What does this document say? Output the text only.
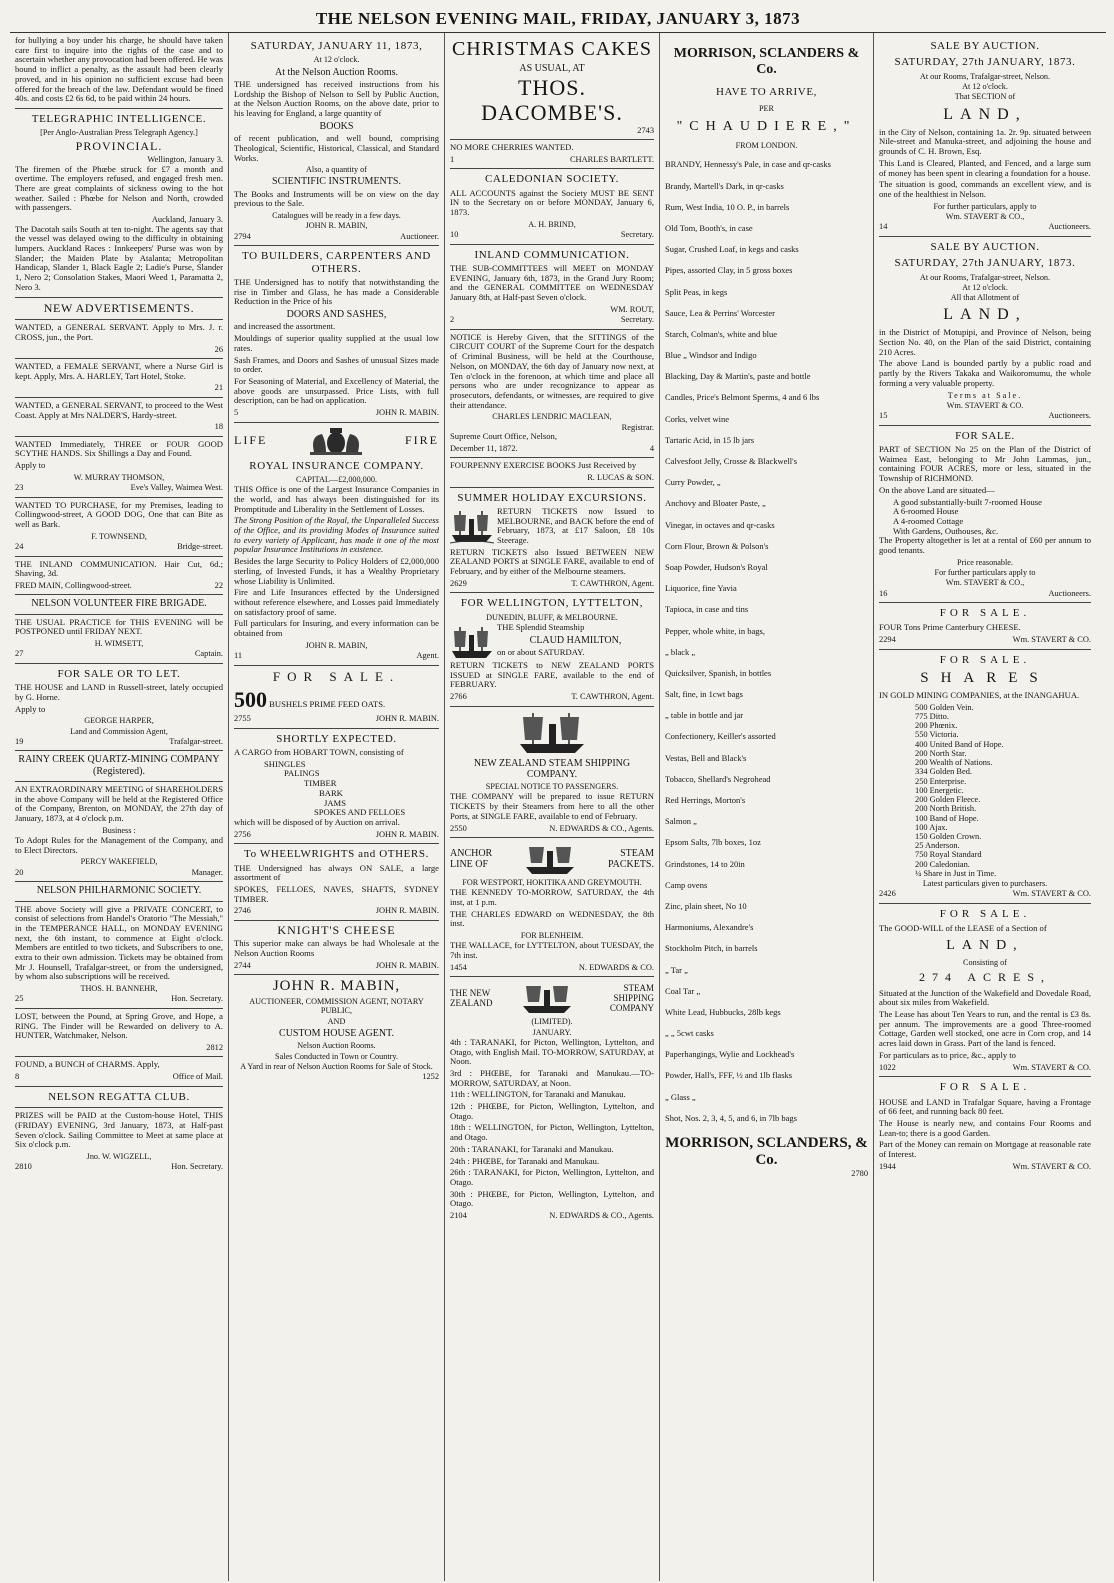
THE NELSON EVENING MAIL, FRIDAY, JANUARY 3, 1873

for bullying a boy under his charge, he should have taken care first to inquire into the rights of the case and to ascertain whether any provocation had been offered. He was bound to inflict a penalty, as the assault had been clearly proved, and in his opinion no sufficient excuse had been offered for the breach of the law. Defendant would be fined 40s. and costs £2 6s 6d, to be paid within 24 hours.

TELEGRAPHIC INTELLIGENCE.
[Per Anglo-Australian Press Telegraph Agency.]
PROVINCIAL.
Wellington, January 3.

The firemen of the Phœbe struck for £7 a month and overtime. The employers refused, and engaged fresh men. There are great complaints of sickness owing to the hot weather. Sailed : Phœbe for Nelson and North, crowded with passengers.

Auckland, January 3.

The Dacotah sails South at ten to-night. The agents say that the vessel was delayed owing to the difficulty in obtaining lumpers. Auckland Races : Innkeepers' Purse was won by Slander; the Maiden Plate by Atalanta; Metropolitan Handicap, Slander 1, Black Eagle 2; Ladie's Purse, Slander 1, Nero 2; Consolation Stakes, Maori Weed 1, Paramatta 2, Nero 3.

NEW ADVERTISEMENTS.

WANTED, a GENERAL SERVANT. Apply to Mrs. J. r. CROSS, jun., the Port.

26

WANTED, a FEMALE SERVANT, where a Nurse Girl is kept. Apply, Mrs. A. HARLEY, Tart Hotel, Stoke.

21

WANTED, a GENERAL SERVANT, to proceed to the West Coast. Apply at Mrs NALDER'S, Hardy-street.

18

WANTED Immediately, THREE or FOUR GOOD SCYTHE HANDS. Six Shillings a Day and Found.

Apply to

W. MURRAY THOMSON,
23	Eve's Valley, Waimea West.

WANTED TO PURCHASE, for my Premises, leading to Collingwood-street, A GOOD DOG, One that can Bite as well as Bark.

F. TOWNSEND,
24	Bridge-street.

THE INLAND COMMUNICATION. Hair Cut, 6d.; Shaving, 3d.

FRED MAIN, Collingwood-street.	22
NELSON VOLUNTEER FIRE BRIGADE.

THE USUAL PRACTICE for THIS EVENING will be POSTPONED until FRIDAY NEXT.

H. WIMSETT,
27	Captain.
FOR SALE OR TO LET.

THE HOUSE and LAND in Russell-street, lately occupied by G. Horne.

Apply to

GEORGE HARPER,
Land and Commission Agent,
19	Trafalgar-street.
RAINY CREEK QUARTZ-MINING COMPANY (Registered).

AN EXTRAORDINARY MEETING of SHAREHOLDERS in the above Company will be held at the Registered Office of the Company, Brenton, on MONDAY, the 27th day of January, 1873, at 4 o'clock p.m.

Business :

To Adopt Rules for the Management of the Company, and to Elect Directors.

PERCY WAKEFIELD,
20	Manager.
NELSON PHILHARMONIC SOCIETY.

THE above Society will give a PRIVATE CONCERT, to consist of selections from Handel's Oratorio "The Messiah," in the TEMPERANCE HALL, on MONDAY EVENING next, the 6th instant, to commence at Eight o'clock. Members are entitled to two tickets, and Subscribers to one, extra to their own admission. Tickets may be obtained from Mr J. Hounsell, Trafalgar-street, or from the undersigned, by whom also subscriptions will be received.

THOS. H. BANNEHR,
25	Hon. Secretary.

LOST, between the Pound, at Spring Grove, and Hope, a RING. The Finder will be Rewarded on delivery to A. HUNTER, Watchmaker, Nelson.

2812

FOUND, a BUNCH of CHARMS. Apply,

8	Office of Mail.
NELSON REGATTA CLUB.

PRIZES will be PAID at the Custom-house Hotel, THIS (FRIDAY) EVENING, 3rd January, 1873, at Half-past Seven o'clock. Sailing Committee to Meet at same place at Six o'clock p.m.

Jno. W. WIGZELL,
2810	Hon. Secretary.
SATURDAY, JANUARY 11, 1873,
At 12 o'clock.
At the Nelson Auction Rooms.

THE undersigned has received instructions from his Lordship the Bishop of Nelson to Sell by Public Auction, at the Nelson Auction Rooms, on the above date, prior to his leaving for England, a large quantity of

BOOKS

of recent publication, and well bound, comprising Theological, Scientific, Historical, Classical, and Standard Works.

Also, a quantity of
SCIENTIFIC INSTRUMENTS.

The Books and Instruments will be on view on the day previous to the Sale.

Catalogues will be ready in a few days.
JOHN R. MABIN,
2794	Auctioneer.
TO BUILDERS, CARPENTERS AND OTHERS.

THE Undersigned has to notify that notwithstanding the rise in Timber and Glass, he has made a Considerable Reduction in the Price of his

DOORS AND SASHES,

and increased the assortment.

Mouldings of superior quality supplied at the usual low rates.

Sash Frames, and Doors and Sashes of unusual Sizes made to order.

For Seasoning of Material, and Excellency of Material, the above goods are unsurpassed. Price Lists, with full description, can be had on application.

5	JOHN R. MABIN.
LIFE	FIRE
ROYAL INSURANCE COMPANY.
CAPITAL—£2,000,000.

THIS Office is one of the Largest Insurance Companies in the world, and has always been distinguished for its Promptitude and Liberality in the Settlement of Losses.

The Strong Position of the Royal, the Unparalleled Success of the Office, and its providing Modes of Insurance suited to every variety of Applicant, has made it one of the most popular Insurance Institutions in existence.

Besides the large Security to Policy Holders of £2,000,000 sterling, of Invested Funds, it has a Wealthy Proprietary whose Liability is Unlimited.

Fire and Life Insurances effected by the Undersigned without reference elsewhere, and Losses paid Immediately on satisfactory proof of same.

Full particulars for Insuring, and every information can be obtained from

JOHN R. MABIN,
11	Agent.
FOR SALE.

500 BUSHELS PRIME FEED OATS.

2755	JOHN R. MABIN.
SHORTLY EXPECTED.

A CARGO from HOBART TOWN, consisting of

SHINGLES
PALINGS
TIMBER
BARK
JAMS
SPOKES AND FELLOES

which will be disposed of by Auction on arrival.

2756	JOHN R. MABIN.
To WHEELWRIGHTS and OTHERS.

THE Undersigned has always ON SALE, a large assortment of

SPOKES, FELLOES, NAVES, SHAFTS, SYDNEY TIMBER.

2746	JOHN R. MABIN.
KNIGHT'S CHEESE

This superior make can always be had Wholesale at the Nelson Auction Rooms

2744	JOHN R. MABIN.
JOHN R. MABIN,
AUCTIONEER, COMMISSION AGENT, NOTARY PUBLIC,
AND
CUSTOM HOUSE AGENT.
Nelson Auction Rooms.
Sales Conducted in Town or Country.
A Yard in rear of Nelson Auction Rooms for Sale of Stock.
1252
CHRISTMAS CAKES
AS USUAL, AT
THOS. DACOMBE'S.
2743

NO MORE CHERRIES WANTED.

1	CHARLES BARTLETT.
CALEDONIAN SOCIETY.

ALL ACCOUNTS against the Society MUST BE SENT IN to the Secretary on or before MONDAY, January 6, 1873.

A. H. BRIND,
10	Secretary.
INLAND COMMUNICATION.

THE SUB-COMMITTEES will MEET on MONDAY EVENING, January 6th, 1873, in the Grand Jury Room; and the GENERAL COMMITTEE on WEDNESDAY January 8th, at Half-past Seven o'clock.

WM. ROUT,
2	Secretary.

NOTICE is Hereby Given, that the SITTINGS of the CIRCUIT COURT of the Supreme Court for the despatch of Criminal Business, will be held at the Courthouse, Nelson, on MONDAY, the 6th day of January now next, at Ten o'clock in the forenoon, at which time and place all persons who are under recognizance to appear as prosecutors, defendants, or witnesses, are required to give their attendance.

CHARLES LENDRIC MACLEAN,
Registrar.

Supreme Court Office, Nelson,

December 11, 1872.	4

FOURPENNY EXERCISE BOOKS Just Received by

R. LUCAS & SON.
SUMMER HOLIDAY EXCURSIONS.

RETURN TICKETS now Issued to MELBOURNE, and BACK before the end of February, 1873, at £17 Saloon, £8 10s Steerage.

RETURN TICKETS also Issued BETWEEN NEW ZEALAND PORTS at SINGLE FARE, available to end of February, and by either of the Melbourne steamers.

2629	T. CAWTHRON, Agent.
FOR WELLINGTON, LYTTELTON,
DUNEDIN, BLUFF, & MELBOURNE.

THE Splendid Steamship

CLAUD HAMILTON,

on or about SATURDAY.

RETURN TICKETS to NEW ZEALAND PORTS ISSUED at SINGLE FARE, available to the end of FEBRUARY.

2766	T. CAWTHRON, Agent.
NEW ZEALAND STEAM SHIPPING COMPANY.
SPECIAL NOTICE TO PASSENGERS.

THE COMPANY will be prepared to issue RETURN TICKETS by their Steamers from here to all the other Ports, at SINGLE FARE, available to end of February.

2550	N. EDWARDS & CO., Agents.
ANCHOR
LINE OF
STEAM
PACKETS.
FOR WESTPORT, HOKITIKA AND GREYMOUTH.

THE KENNEDY TO-MORROW, SATURDAY, the 4th inst, at 1 p.m.

THE CHARLES EDWARD on WEDNESDAY, the 8th inst.

FOR BLENHEIM.

THE WALLACE, for LYTTELTON, about TUESDAY, the 7th inst.

1454	N. EDWARDS & CO.
THE NEW ZEALAND
STEAM SHIPPING COMPANY
(LIMITED).
JANUARY.

4th : TARANAKI, for Picton, Wellington, Lyttelton, and Otago, with English Mail. TO-MORROW, SATURDAY, at Noon.

3rd : PHŒBE, for Taranaki and Manukau.—TO-MORROW, SATURDAY, at Noon.

11th : WELLINGTON, for Taranaki and Manukau.

12th : PHŒBE, for Picton, Wellington, Lyttelton, and Otago.

18th : WELLINGTON, for Picton, Wellington, Lyttelton, and Otago.

20th : TARANAKI, for Taranaki and Manukau.

24th : PHŒBE, for Taranaki and Manukau.

26th : TARANAKI, for Picton, Wellington, Lyttelton, and Otago.

30th : PHŒBE, for Picton, Wellington, Lyttelton, and Otago.

2104	N. EDWARDS & CO., Agents.
MORRISON, SCLANDERS & Co.
HAVE TO ARRIVE,
PER
"CHAUDIERE,"
FROM LONDON.
BRANDY, Hennessy's Pale, in case and qr-casks
Brandy, Martell's Dark, in qr-casks
Rum, West India, 10 O. P., in barrels
Old Tom, Booth's, in case
Sugar, Crushed Loaf, in kegs and casks
Pipes, assorted Clay, in 5 gross boxes
Split Peas, in kegs
Sauce, Lea & Perrins' Worcester
Starch, Colman's, white and blue
Blue „ Windsor and Indigo
Blacking, Day & Martin's, paste and bottle
Candles, Price's Belmont Sperms, 4 and 6 lbs
Corks, velvet wine
Tartaric Acid, in 15 lb jars
Calvesfoot Jelly, Crosse & Blackwell's
Curry Powder, „
Anchovy and Bloater Paste, „
Vinegar, in octaves and qr-casks
Corn Flour, Brown & Polson's
Soap Powder, Hudson's Royal
Liquorice, fine Yavia
Tapioca, in case and tins
Pepper, whole white, in bags,
„ black „
Quicksilver, Spanish, in bottles
Salt, fine, in 1cwt bags
„ table in bottle and jar
Confectionery, Keiller's assorted
Vestas, Bell and Black's
Tobacco, Shellard's Negrohead
Red Herrings, Morton's
Salmon „
Epsom Salts, 7lb boxes, 1oz
Grindstones, 14 to 20in
Camp ovens
Zinc, plain sheet, No 10
Harmoniums, Alexandre's
Stockholm Pitch, in barrels
„ Tar „
Coal Tar „
White Lead, Hubbucks, 28lb kegs
„ „ 5cwt casks
Paperhangings, Wylie and Lockhead's
Powder, Hall's, FFF, ½ and 1lb flasks
„ Glass „
Shot, Nos. 2, 3, 4, 5, and 6, in 7lb bags
MORRISON, SCLANDERS, & Co.
2780
SALE BY AUCTION.
SATURDAY, 27th JANUARY, 1873.
At our Rooms, Trafalgar-street, Nelson.
At 12 o'clock.
That SECTION of
LAND,

in the City of Nelson, containing 1a. 2r. 9p. situated between Nile-street and Manuka-street, and adjoining the house and grounds of C. H. Brown, Esq.

This Land is Cleared, Planted, and Fenced, and a large sum of money has been spent in clearing a foundation for a house.

The situation is good, commands an excellent view, and is one of the healthiest in Nelson.

For further particulars, apply to
Wm. STAVERT & CO.,
14	Auctioneers.
SALE BY AUCTION.
SATURDAY, 27th JANUARY, 1873.
At our Rooms, Trafalgar-street, Nelson.
At 12 o'clock.
All that Allotment of
LAND,

in the District of Motupipi, and Province of Nelson, being Section No. 40, on the Plan of the said District, containing 210 Acres.

The above Land is bounded partly by a public road and partly by the Rivers Takaka and Waikoromumu, the whole forming a very valuable property.

Terms at Sale.
Wm. STAVERT & CO.
15	Auctioneers.
FOR SALE.

PART of SECTION No 25 on the Plan of the District of Waimea East, belonging to Mr John Lammas, jun., containing FOUR ACRES, more or less, situated in the Township of RICHMOND.

On the above Land are situated—

A good substantially-built 7-roomed House
A 6-roomed House
A 4-roomed Cottage
With Gardens, Outhouses, &c.

The Property altogether is let at a rental of £60 per annum to good tenants.

Price reasonable.
For further particulars apply to
Wm. STAVERT & CO.,
16	Auctioneers.
FOR SALE.

FOUR Tons Prime Canterbury CHEESE.

2294	Wm. STAVERT & CO.
FOR SALE.
SHARES

IN GOLD MINING COMPANIES, at the INANGAHUA.

500 Golden Vein.
775 Ditto.
200 Phœnix.
550 Victoria.
400 United Band of Hope.
200 North Star.
200 Wealth of Nations.
334 Golden Bed.
250 Enterprise.
100 Energetic.
200 Golden Fleece.
200 North British.
100 Band of Hope.
100 Ajax.
150 Golden Crown.
25 Anderson.
750 Royal Standard
200 Caledonian.
¼ Share in Just in Time.
Latest particulars given to purchasers.
2426	Wm. STAVERT & CO.
FOR SALE.

The GOOD-WILL of the LEASE of a Section of

LAND,
Consisting of
274 ACRES,

Situated at the Junction of the Wakefield and Dovedale Road, about six miles from Wakefield.

The Lease has about Ten Years to run, and the rental is £3 8s. per annum. The improvements are a good Three-roomed Cottage, Garden well stocked, one acre in Corn crop, and 14 acres laid down in Grass. Part of the land is fenced.

For particulars as to price, &c., apply to

1022	Wm. STAVERT & CO.
FOR SALE.

HOUSE and LAND in Trafalgar Square, having a Frontage of 66 feet, and running back 80 feet.

The House is nearly new, and contains Four Rooms and Lean-to; there is a good Garden.

Part of the Money can remain on Mortgage at reasonable rate of Interest.

1944	Wm. STAVERT & CO.
